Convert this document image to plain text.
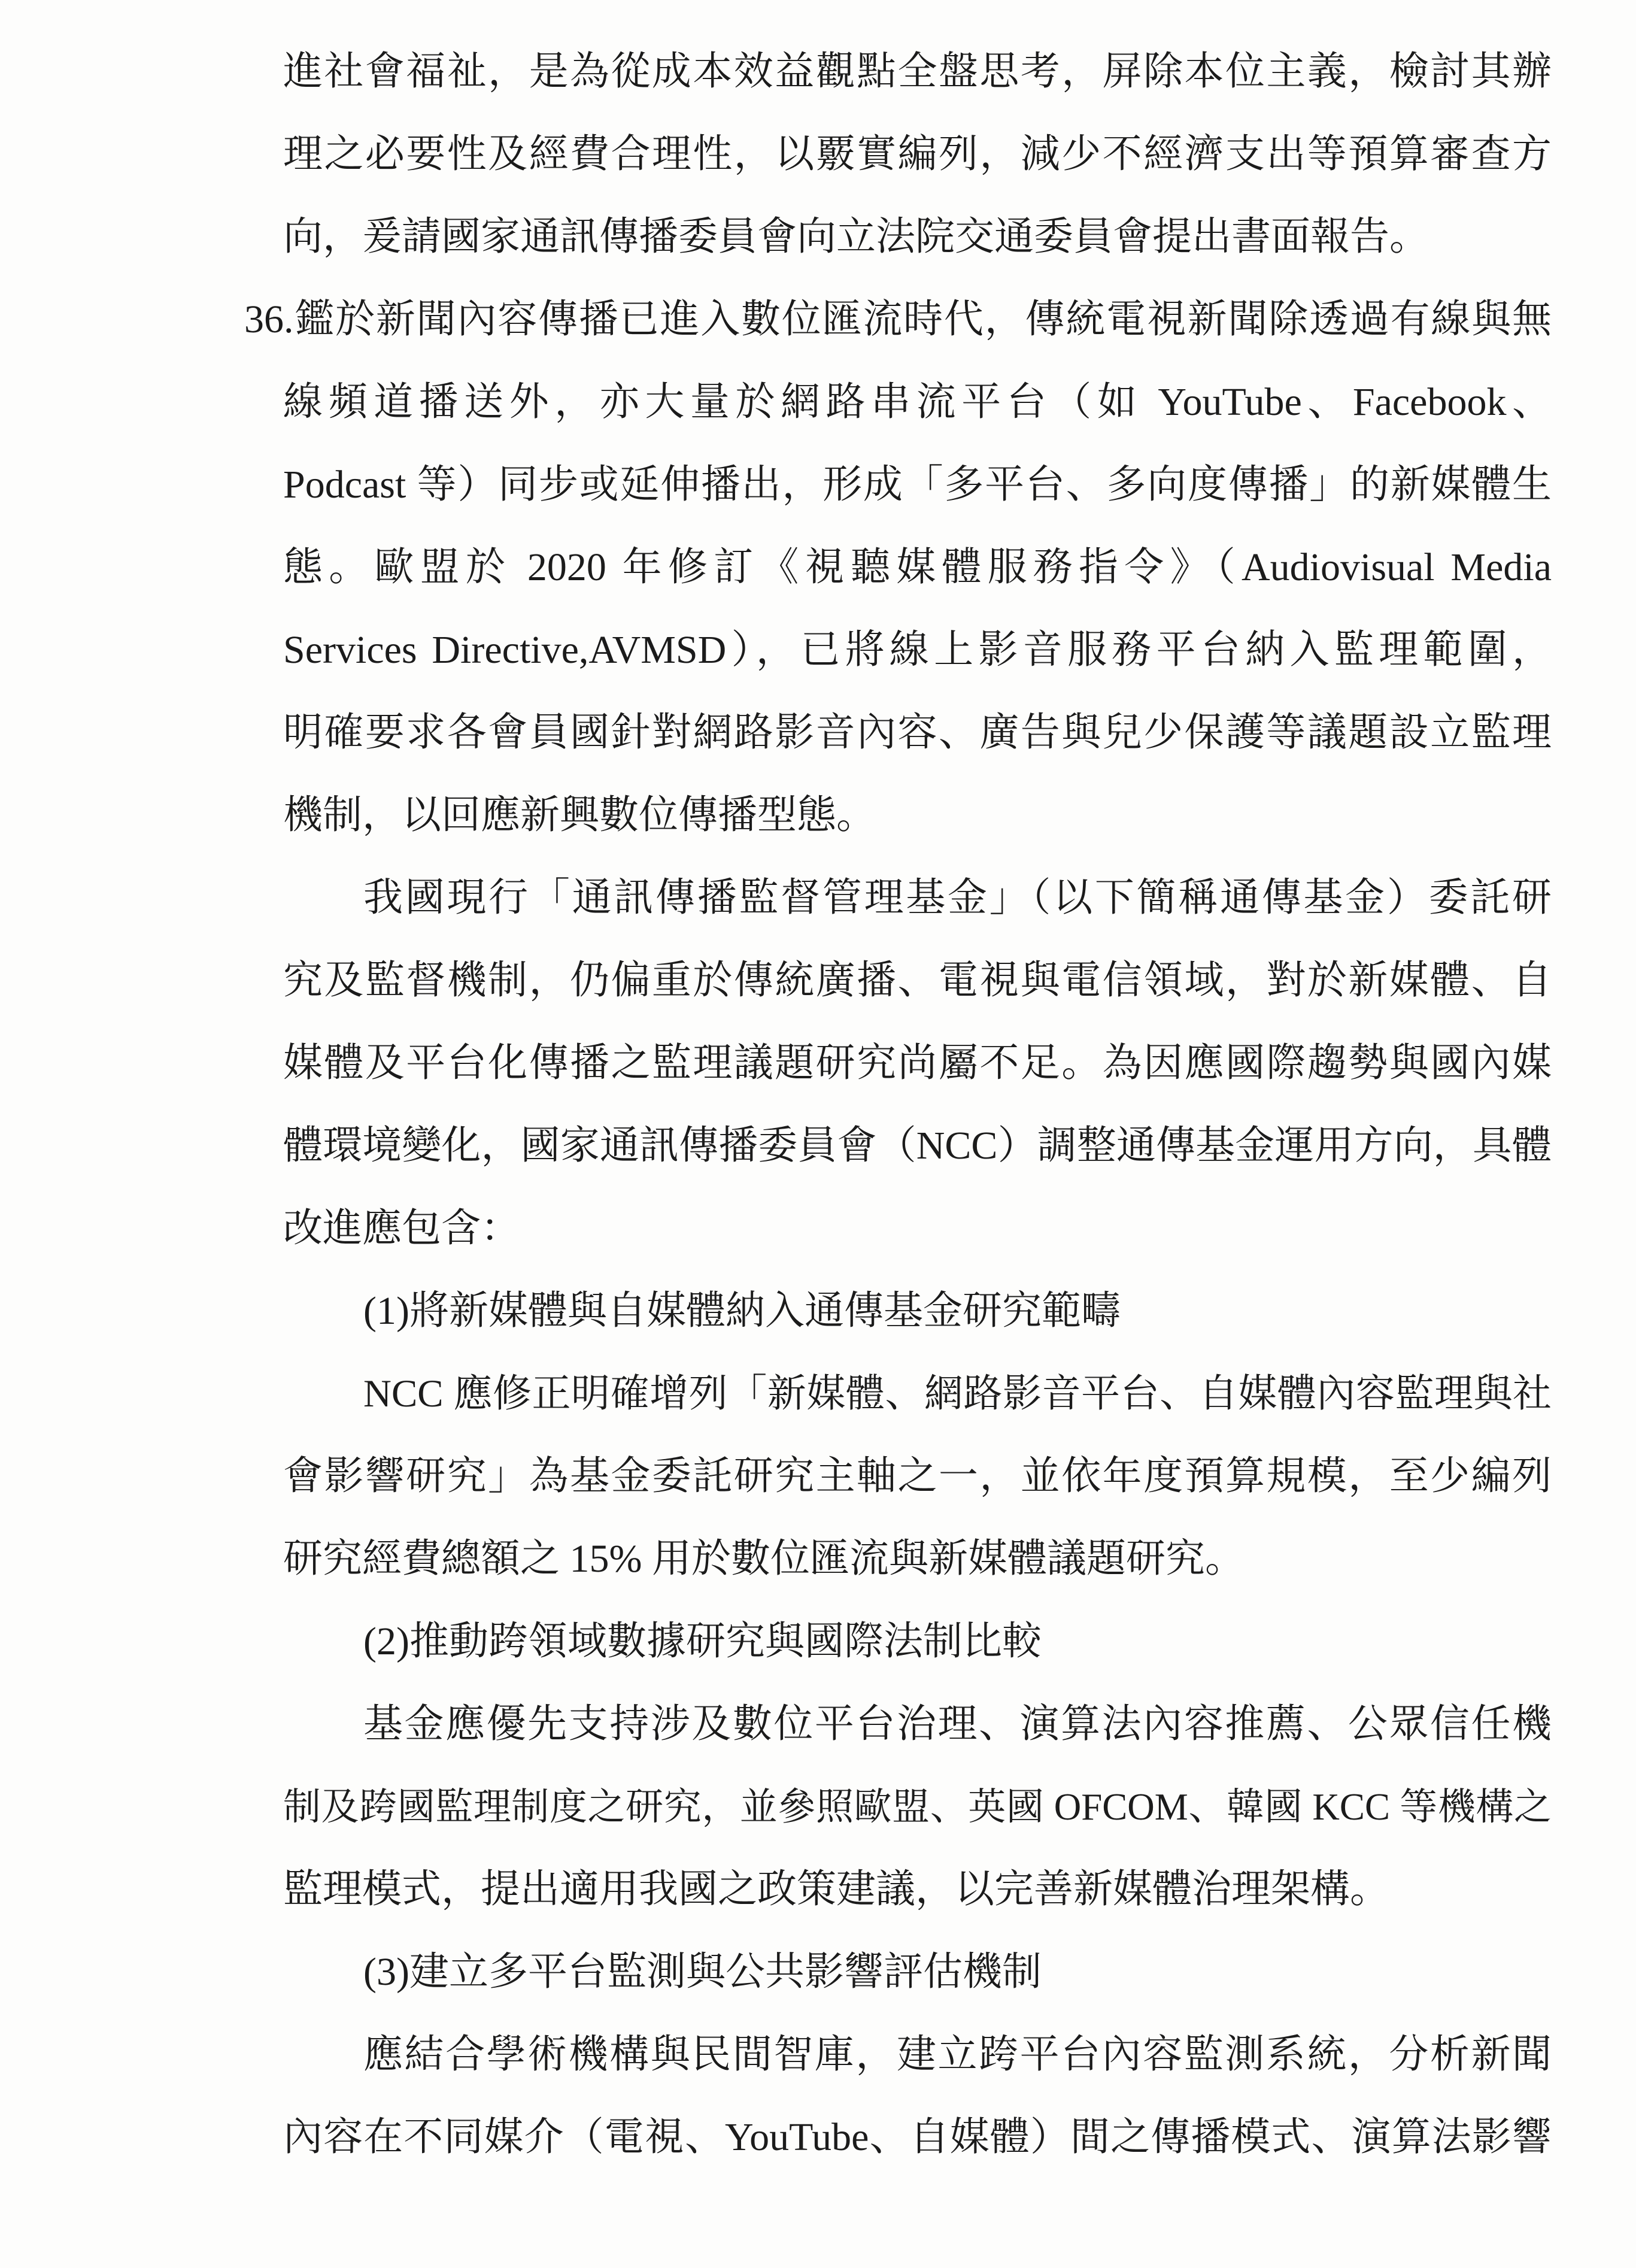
進社會福祉，是為從成本效益觀點全盤思考，屏除本位主義，檢討其辦
理之必要性及經費合理性，以覈實編列，減少不經濟支出等預算審查方
向，爰請國家通訊傳播委員會向立法院交通委員會提出書面報告。
36.鑑於新聞內容傳播已進入數位匯流時代，傳統電視新聞除透過有線與無
線頻道播送外，亦大量於網路串流平台（如 YouTube、Facebook、
Podcast 等）同步或延伸播出，形成「多平台、多向度傳播」的新媒體生
態。歐盟於 2020 年修訂《視聽媒體服務指令》（Audiovisual Media
Services Directive,AVMSD），已將線上影音服務平台納入監理範圍，
明確要求各會員國針對網路影音內容、廣告與兒少保護等議題設立監理
機制，以回應新興數位傳播型態。
我國現行「通訊傳播監督管理基金」（以下簡稱通傳基金）委託研
究及監督機制，仍偏重於傳統廣播、電視與電信領域，對於新媒體、自
媒體及平台化傳播之監理議題研究尚屬不足。為因應國際趨勢與國內媒
體環境變化，國家通訊傳播委員會（NCC）調整通傳基金運用方向，具體
改進應包含：
(1)將新媒體與自媒體納入通傳基金研究範疇
NCC 應修正明確增列「新媒體、網路影音平台、自媒體內容監理與社
會影響研究」為基金委託研究主軸之一，並依年度預算規模，至少編列
研究經費總額之 15% 用於數位匯流與新媒體議題研究。
(2)推動跨領域數據研究與國際法制比較
基金應優先支持涉及數位平台治理、演算法內容推薦、公眾信任機
制及跨國監理制度之研究，並參照歐盟、英國 OFCOM、韓國 KCC 等機構之
監理模式，提出適用我國之政策建議，以完善新媒體治理架構。
(3)建立多平台監測與公共影響評估機制
應結合學術機構與民間智庫，建立跨平台內容監測系統，分析新聞
內容在不同媒介（電視、YouTube、自媒體）間之傳播模式、演算法影響
